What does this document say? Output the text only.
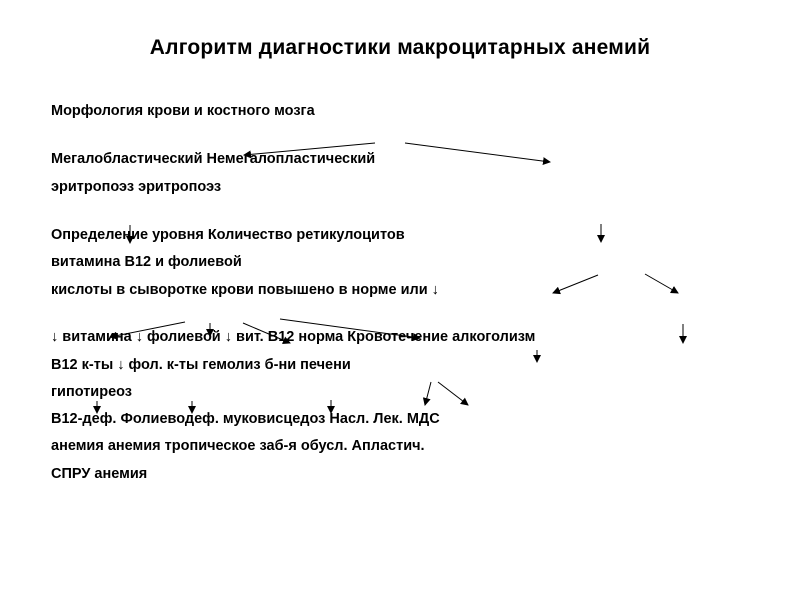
Алгоритм диагностики макроцитарных анемий
Морфология крови и костного мозга
Мегалобластический Немегалопластический
эритропоэз эритропоэз
Определение уровня Количество ретикулоцитов
витамина В12 и фолиевой
кислоты в сыворотке крови повышено в норме или ↓
↓ витамина ↓ фолиевой ↓ вит. В12 норма Кровотечение алкоголизм
В12 к-ты ↓ фол. к-ты гемолиз б-ни печени
гипотиреоз
В12-деф. Фолиеводеф. муковисцедоз Насл. Лек. МДС
анемия анемия тропическое заб-я обусл. Апластич.
СПРУ анемия
